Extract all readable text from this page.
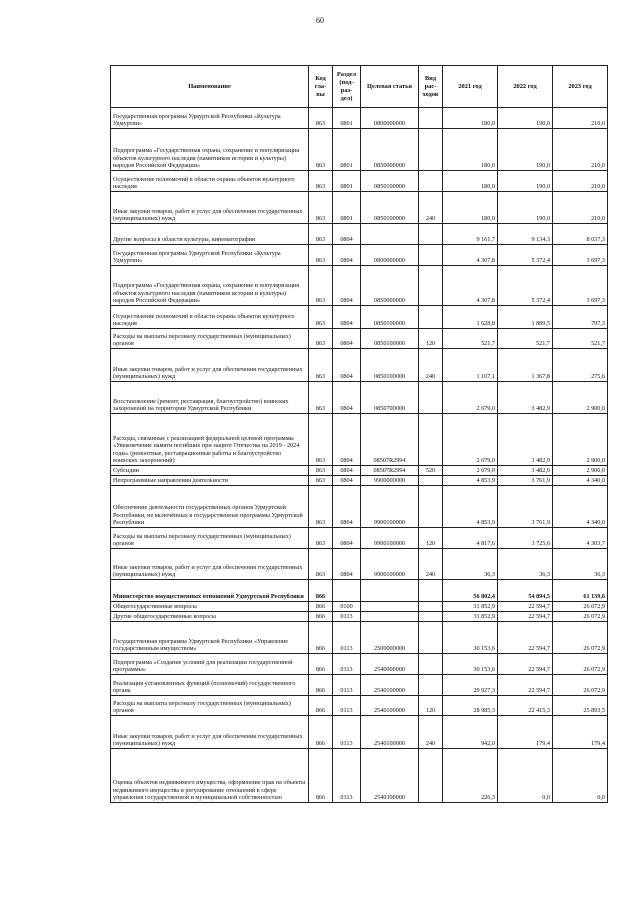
60
Наименование	Код гла- вы	Раздел (под- раз- дел)	Целевая статья	Вид рас- ходов	2021 год	2022 год	2023 год

Государственная программа Удмуртской Республики «Культура Удмуртии»	863	0801	0800000000		180,0	190,0	210,0

Подпрограмма «Государственная охрана, сохранение и популяризация объектов культурного наследия (памятников истории и культуры) народов Российской Федерации»	863	0801	0850000000		180,0	190,0	210,0

Осуществление полномочий в области охраны объектов культурного наследия	863	0801	0850100000		180,0	190,0	210,0

Иные закупки товаров, работ и услуг для обеспечения государственных (муниципальных) нужд	863	0801	0850100000	240	180,0	190,0	210,0

Другие вопросы в области культуры, кинематографии	863	0804			9 161,7	9 134,3	8 037,3

Государственная программа Удмуртской Республики «Культура Удмуртии»	863	0804	0800000000		4 307,8	5 372,4	3 697,3

Подпрограмма «Государственная охрана, сохранение и популяризация объектов культурного наследия (памятников истории и культуры) народов Российской Федерации»	863	0804	0850000000		4 307,8	5 372,4	3 697,3

Осуществление полномочий в области охраны объектов культурного наследия	863	0804	0850100000		1 628,8	1 889,5	797,3

Расходы на выплаты персоналу государственных (муниципальных) органов	863	0804	0850100000	120	521,7	521,7	521,7

Иные закупки товаров, работ и услуг для обеспечения государственных (муниципальных) нужд	863	0804	0850100000	240	1 107,1	1 367,8	275,6

Восстановление (ремонт, реставрация, благоустройство) воинских захоронений на территории Удмуртской Республики	863	0804	0850700000		2 679,0	3 482,9	2 900,0

Расходы, связанные с реализацией федеральной целевой программы «Увековечение памяти погибших при защите Отечества на 2019 - 2024 годы» (ремонтные, реставрационные работы и благоустройство воинских захоронений)	863	0804	08507R2994		2 679,0	3 482,9	2 900,0

Субсидии	863	0804	08507R2994	520	2 679,0	3 482,9	2 900,0

Непрограммные направления деятельности	863	0804	9900000000		4 853,9	3 761,9	4 340,0

Обеспечение деятельности государственных органов Удмуртской Республики, не включённых в государственные программы Удмуртской Республики	863	0804	9900100000		4 853,9	3 761,9	4 340,0

Расходы на выплаты персоналу государственных (муниципальных) органов	863	0804	9900100000	120	4 817,6	3 725,6	4 303,7

Иные закупки товаров, работ и услуг для обеспечения государственных (муниципальных) нужд	863	0804	9900100000	240	36,3	36,3	36,3

Министерство имущественных отношений Удмуртской Республики	866				56 802,4	54 894,5	61 139,6

Общегосударственные вопросы	866	0100			31 852,9	22 594,7	26 072,9

Другие общегосударственные вопросы	866	0113			31 852,9	22 594,7	26 072,9

Государственная программа Удмуртской Республики «Управление государственным имуществом»	866	0113	2500000000		30 153,6	22 594,7	26 072,9

Подпрограмма «Создание условий для реализации государственной программы»	866	0113	2540000000		30 153,6	22 594,7	26 072,9

Реализация установленных функций (полномочий) государственного органа	866	0113	2540100000		29 927,3	22 594,7	26 072,9

Расходы на выплаты персоналу государственных (муниципальных) органов	866	0113	2540100000	120	28 985,3	22 415,3	25 893,5

Иные закупки товаров, работ и услуг для обеспечения государственных (муниципальных) нужд	866	0113	2540100000	240	942,0	179,4	179,4

Оценка объектов недвижимого имущества, оформление прав на объекты недвижимого имущества и регулирование отношений в сфере управления государственной и муниципальной собственностью	866	0113	2540300000		226,3	0,0	0,0
